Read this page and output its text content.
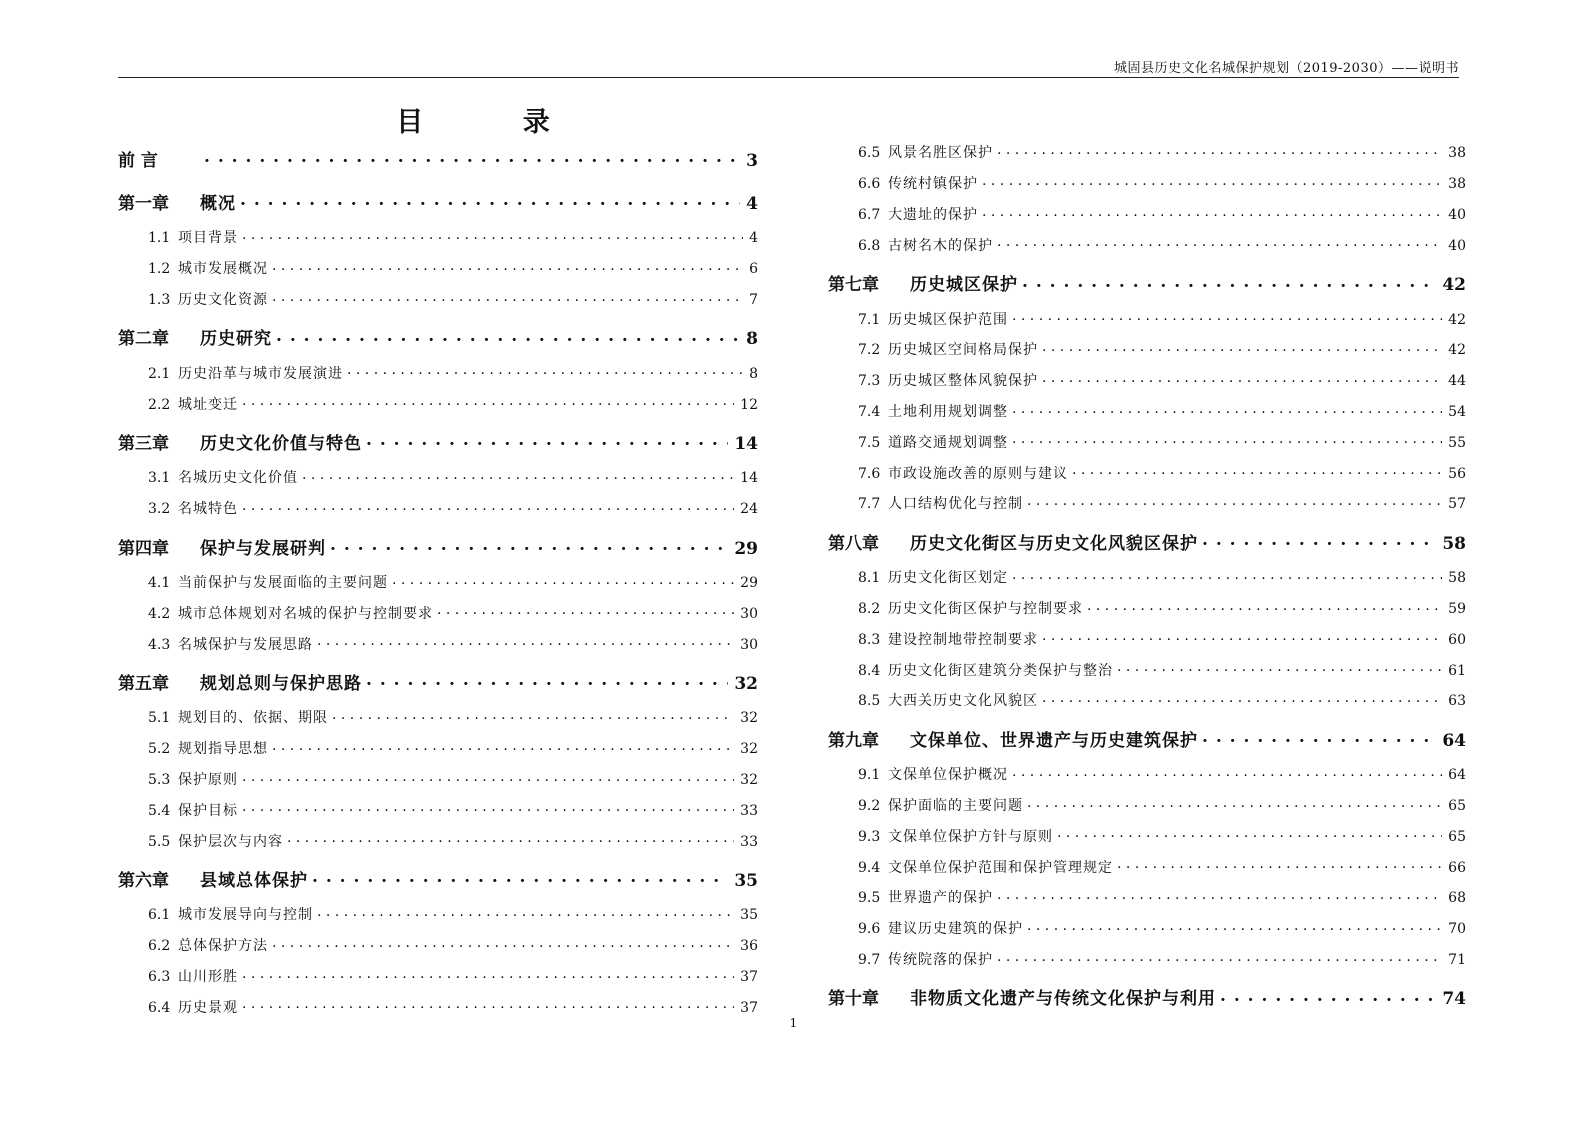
城固县历史文化名城保护规划（2019-2030）——说明书
目 录
前 言 . . .	3
第一章	概况 . . .	4
1.1 项目背景 . . .	4
1.2 城市发展概况 . . .	6
1.3 历史文化资源 . . .	7
第二章	历史研究 . . .	8
2.1 历史沿革与城市发展演进 . . .	8
2.2 城址变迁 . . .	12
第三章	历史文化价值与特色 . . .	14
3.1 名城历史文化价值 . . .	14
3.2 名城特色 . . .	24
第四章	保护与发展研判 . . .	29
4.1 当前保护与发展面临的主要问题 . . .	29
4.2 城市总体规划对名城的保护与控制要求 . . .	30
4.3 名城保护与发展思路 . . .	30
第五章	规划总则与保护思路 . . .	32
5.1 规划目的、依据、期限 . . .	32
5.2 规划指导思想 . . .	32
5.3 保护原则 . . .	32
5.4 保护目标 . . .	33
5.5 保护层次与内容 . . .	33
第六章	县域总体保护 . . .	35
6.1 城市发展导向与控制 . . .	35
6.2 总体保护方法 . . .	36
6.3 山川形胜 . . .	37
6.4 历史景观 . . .	37
6.5 风景名胜区保护 . . .	38
6.6 传统村镇保护 . . .	38
6.7 大遗址的保护 . . .	40
6.8 古树名木的保护 . . .	40
第七章	历史城区保护 . . .	42
7.1 历史城区保护范围 . . .	42
7.2 历史城区空间格局保护 . . .	42
7.3 历史城区整体风貌保护 . . .	44
7.4 土地利用规划调整 . . .	54
7.5 道路交通规划调整 . . .	55
7.6 市政设施改善的原则与建议 . . .	56
7.7 人口结构优化与控制 . . .	57
第八章	历史文化街区与历史文化风貌区保护 . . .	58
8.1 历史文化街区划定 . . .	58
8.2 历史文化街区保护与控制要求 . . .	59
8.3 建设控制地带控制要求 . . .	60
8.4 历史文化街区建筑分类保护与整治 . . .	61
8.5 大西关历史文化风貌区 . . .	63
第九章	文保单位、世界遗产与历史建筑保护 . . .	64
9.1 文保单位保护概况 . . .	64
9.2 保护面临的主要问题 . . .	65
9.3 文保单位保护方针与原则 . . .	65
9.4 文保单位保护范围和保护管理规定 . . .	66
9.5 世界遗产的保护 . . .	68
9.6 建议历史建筑的保护 . . .	70
9.7 传统院落的保护 . . .	71
第十章	非物质文化遗产与传统文化保护与利用 . . .	74
1
